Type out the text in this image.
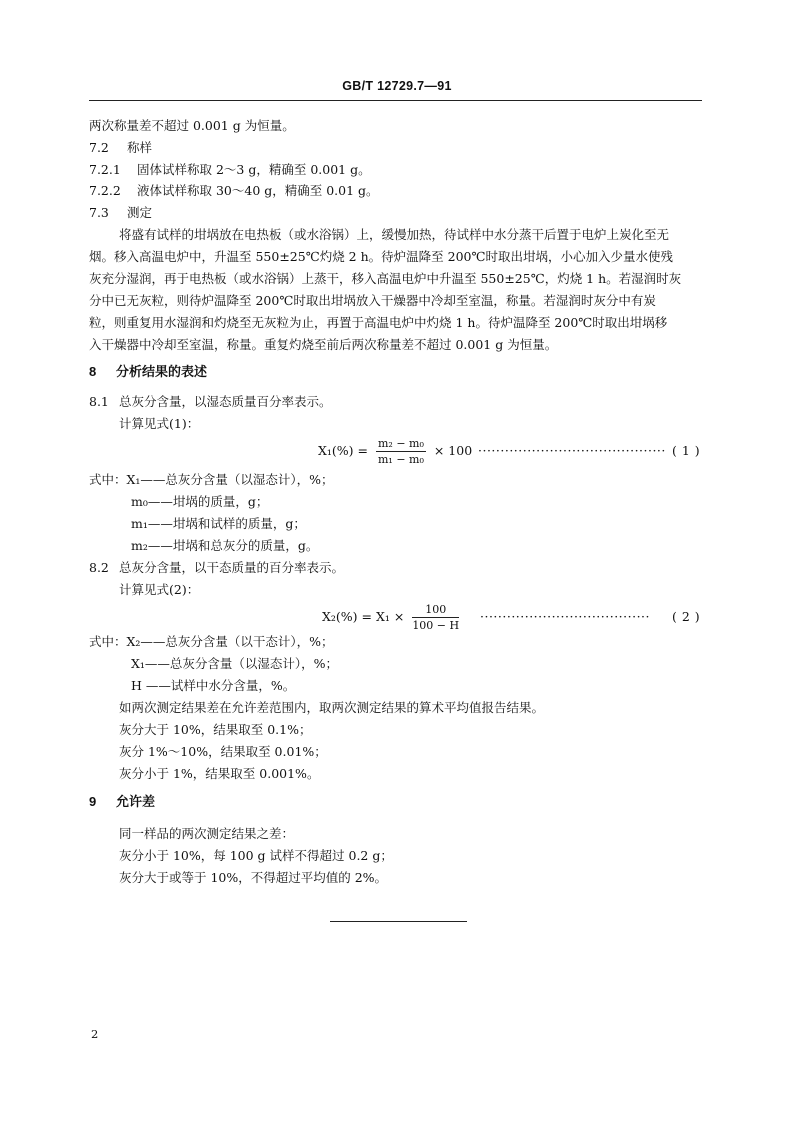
GB/T 12729.7—91
两次称量差不超过 0.001 g 为恒量。
7.2 称样
7.2.1 固体试样称取 2～3 g，精确至 0.001 g。
7.2.2 液体试样称取 30～40 g，精确至 0.01 g。
7.3 测定
将盛有试样的坩埚放在电热板（或水浴锅）上，缓慢加热，待试样中水分蒸干后置于电炉上炭化至无
烟。移入高温电炉中，升温至 550±25℃灼烧 2 h。待炉温降至 200℃时取出坩埚，小心加入少量水使残
灰充分湿润，再于电热板（或水浴锅）上蒸干，移入高温电炉中升温至 550±25℃，灼烧 1 h。若湿润时灰
分中已无灰粒，则待炉温降至 200℃时取出坩埚放入干燥器中冷却至室温，称量。若湿润时灰分中有炭
粒，则重复用水湿润和灼烧至无灰粒为止，再置于高温电炉中灼烧 1 h。待炉温降至 200℃时取出坩埚移
入干燥器中冷却至室温，称量。重复灼烧至前后两次称量差不超过 0.001 g 为恒量。
8 分析结果的表述
8.1 总灰分含量，以湿态质量百分率表示。
计算见式(1)：
$X_1(\%) = \frac{\text{m₂ − m₀}}{\text{m₁ − m₀}} \times 100$ ·········································· ( 1 )
式中：X₁——总灰分含量（以湿态计），%；
m₀——坩埚的质量，g；
m₁——坩埚和试样的质量，g；
m₂——坩埚和总灰分的质量，g。
8.2 总灰分含量，以干态质量的百分率表示。
计算见式(2)：
$X_2(\%) = X_1 \times \frac{100}{100 - H}$ ······································ ( 2 )
式中：X₂——总灰分含量（以干态计），%；
X₁——总灰分含量（以湿态计），%；
H ——试样中水分含量，%。
如两次测定结果差在允许差范围内，取两次测定结果的算术平均值报告结果。
灰分大于 10%，结果取至 0.1%；
灰分 1%～10%，结果取至 0.01%；
灰分小于 1%，结果取至 0.001%。
9 允许差
同一样品的两次测定结果之差：
灰分小于 10%，每 100 g 试样不得超过 0.2 g；
灰分大于或等于 10%，不得超过平均值的 2%。
2
